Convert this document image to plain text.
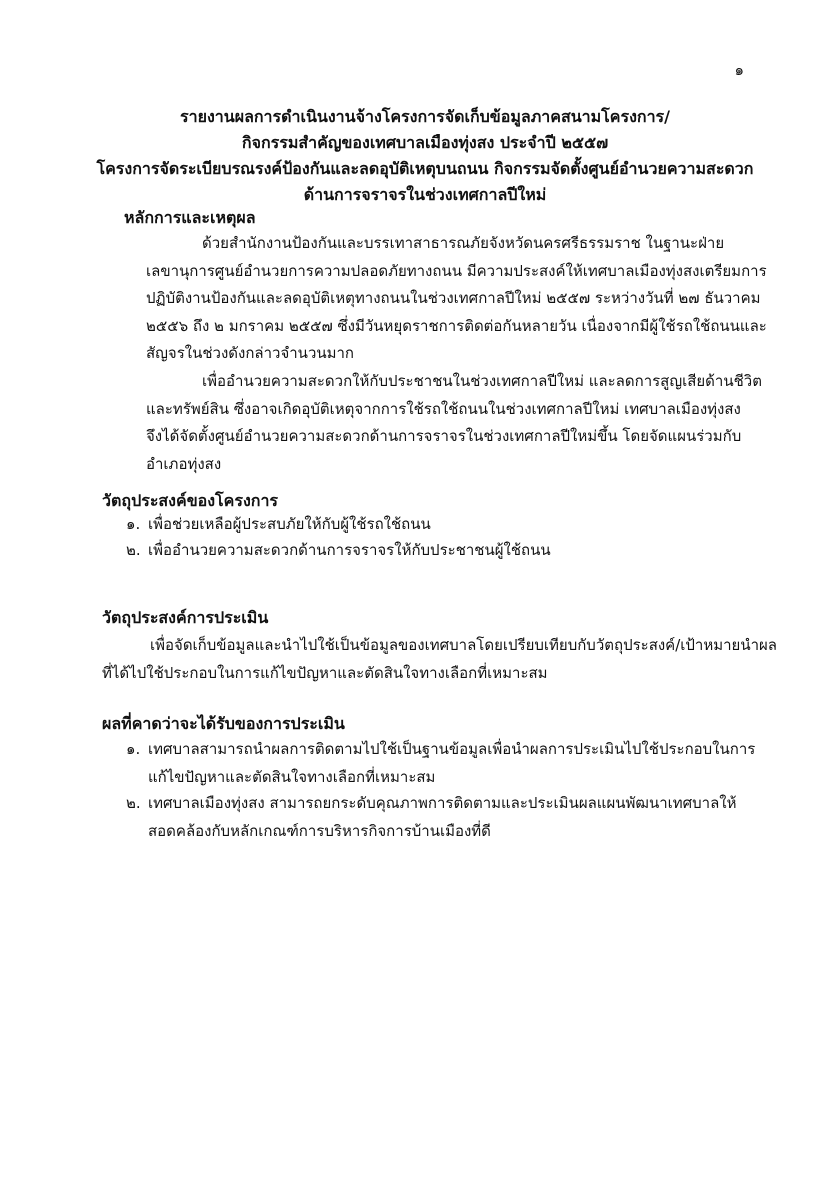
๑
รายงานผลการดำเนินงานจ้างโครงการจัดเก็บข้อมูลภาคสนามโครงการ/
กิจกรรมสำคัญของเทศบาลเมืองทุ่งสง ประจำปี ๒๕๕๗
โครงการจัดระเบียบรณรงค์ป้องกันและลดอุบัติเหตุบนถนน กิจกรรมจัดตั้งศูนย์อำนวยความสะดวก
ด้านการจราจรในช่วงเทศกาลปีใหม่
หลักการและเหตุผล
ด้วยสำนักงานป้องกันและบรรเทาสาธารณภัยจังหวัดนครศรีธรรมราช ในฐานะฝ่าย
เลขานุการศูนย์อำนวยการความปลอดภัยทางถนน มีความประสงค์ให้เทศบาลเมืองทุ่งสงเตรียมการ
ปฏิบัติงานป้องกันและลดอุบัติเหตุทางถนนในช่วงเทศกาลปีใหม่ ๒๕๕๗ ระหว่างวันที่ ๒๗ ธันวาคม
๒๕๕๖ ถึง ๒ มกราคม ๒๕๕๗ ซึ่งมีวันหยุดราชการติดต่อกันหลายวัน เนื่องจากมีผู้ใช้รถใช้ถนนและ
สัญจรในช่วงดังกล่าวจำนวนมาก
เพื่ออำนวยความสะดวกให้กับประชาชนในช่วงเทศกาลปีใหม่ และลดการสูญเสียด้านชีวิต
และทรัพย์สิน ซึ่งอาจเกิดอุบัติเหตุจากการใช้รถใช้ถนนในช่วงเทศกาลปีใหม่ เทศบาลเมืองทุ่งสง
จึงได้จัดตั้งศูนย์อำนวยความสะดวกด้านการจราจรในช่วงเทศกาลปีใหม่ขึ้น โดยจัดแผนร่วมกับ
อำเภอทุ่งสง
วัตถุประสงค์ของโครงการ
๑. เพื่อช่วยเหลือผู้ประสบภัยให้กับผู้ใช้รถใช้ถนน
๒. เพื่ออำนวยความสะดวกด้านการจราจรให้กับประชาชนผู้ใช้ถนน
วัตถุประสงค์การประเมิน
เพื่อจัดเก็บข้อมูลและนำไปใช้เป็นข้อมูลของเทศบาลโดยเปรียบเทียบกับวัตถุประสงค์/เป้าหมายนำผล
ที่ได้ไปใช้ประกอบในการแก้ไขปัญหาและตัดสินใจทางเลือกที่เหมาะสม
ผลที่คาดว่าจะได้รับของการประเมิน
๑. เทศบาลสามารถนำผลการติดตามไปใช้เป็นฐานข้อมูลเพื่อนำผลการประเมินไปใช้ประกอบในการ
แก้ไขปัญหาและตัดสินใจทางเลือกที่เหมาะสม
๒. เทศบาลเมืองทุ่งสง สามารถยกระดับคุณภาพการติดตามและประเมินผลแผนพัฒนาเทศบาลให้
สอดคล้องกับหลักเกณฑ์การบริหารกิจการบ้านเมืองที่ดี
